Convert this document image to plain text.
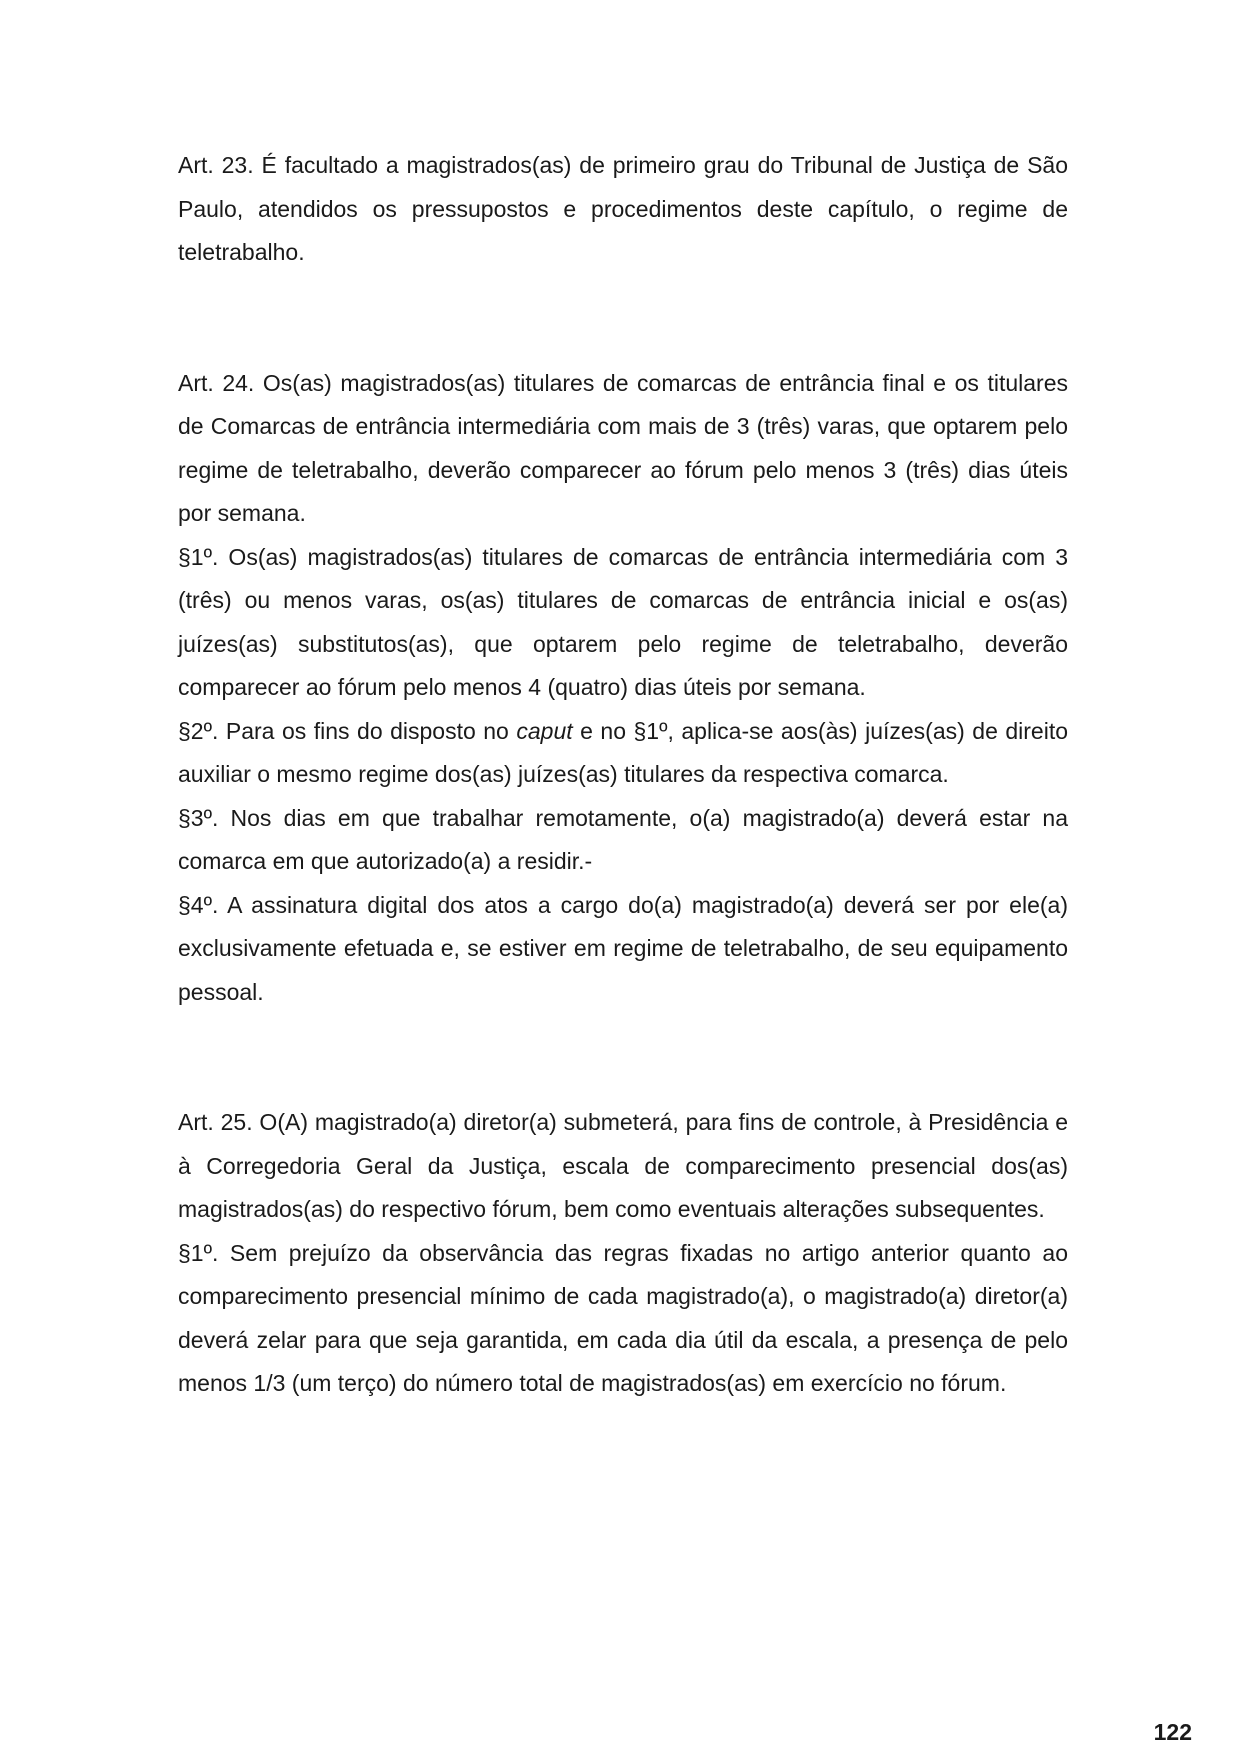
Art. 23. É facultado a magistrados(as) de primeiro grau do Tribunal de Justiça de São Paulo, atendidos os pressupostos e procedimentos deste capítulo, o regime de teletrabalho.

Art. 24. Os(as) magistrados(as) titulares de comarcas de entrância final e os titulares de Comarcas de entrância intermediária com mais de 3 (três) varas, que optarem pelo regime de teletrabalho, deverão comparecer ao fórum pelo menos 3 (três) dias úteis por semana.

§1º. Os(as) magistrados(as) titulares de comarcas de entrância intermediária com 3 (três) ou menos varas, os(as) titulares de comarcas de entrância inicial e os(as) juízes(as) substitutos(as), que optarem pelo regime de teletrabalho, deverão comparecer ao fórum pelo menos 4 (quatro) dias úteis por semana.

§2º. Para os fins do disposto no caput e no §1º, aplica-se aos(às) juízes(as) de direito auxiliar o mesmo regime dos(as) juízes(as) titulares da respectiva comarca.

§3º. Nos dias em que trabalhar remotamente, o(a) magistrado(a) deverá estar na comarca em que autorizado(a) a residir.-

§4º. A assinatura digital dos atos a cargo do(a) magistrado(a) deverá ser por ele(a) exclusivamente efetuada e, se estiver em regime de teletrabalho, de seu equipamento pessoal.

Art. 25. O(A) magistrado(a) diretor(a) submeterá, para fins de controle, à Presidência e à Corregedoria Geral da Justiça, escala de comparecimento presencial dos(as) magistrados(as) do respectivo fórum, bem como eventuais alterações subsequentes.

§1º. Sem prejuízo da observância das regras fixadas no artigo anterior quanto ao comparecimento presencial mínimo de cada magistrado(a), o magistrado(a) diretor(a) deverá zelar para que seja garantida, em cada dia útil da escala, a presença de pelo menos 1/3 (um terço) do número total de magistrados(as) em exercício no fórum.

122
